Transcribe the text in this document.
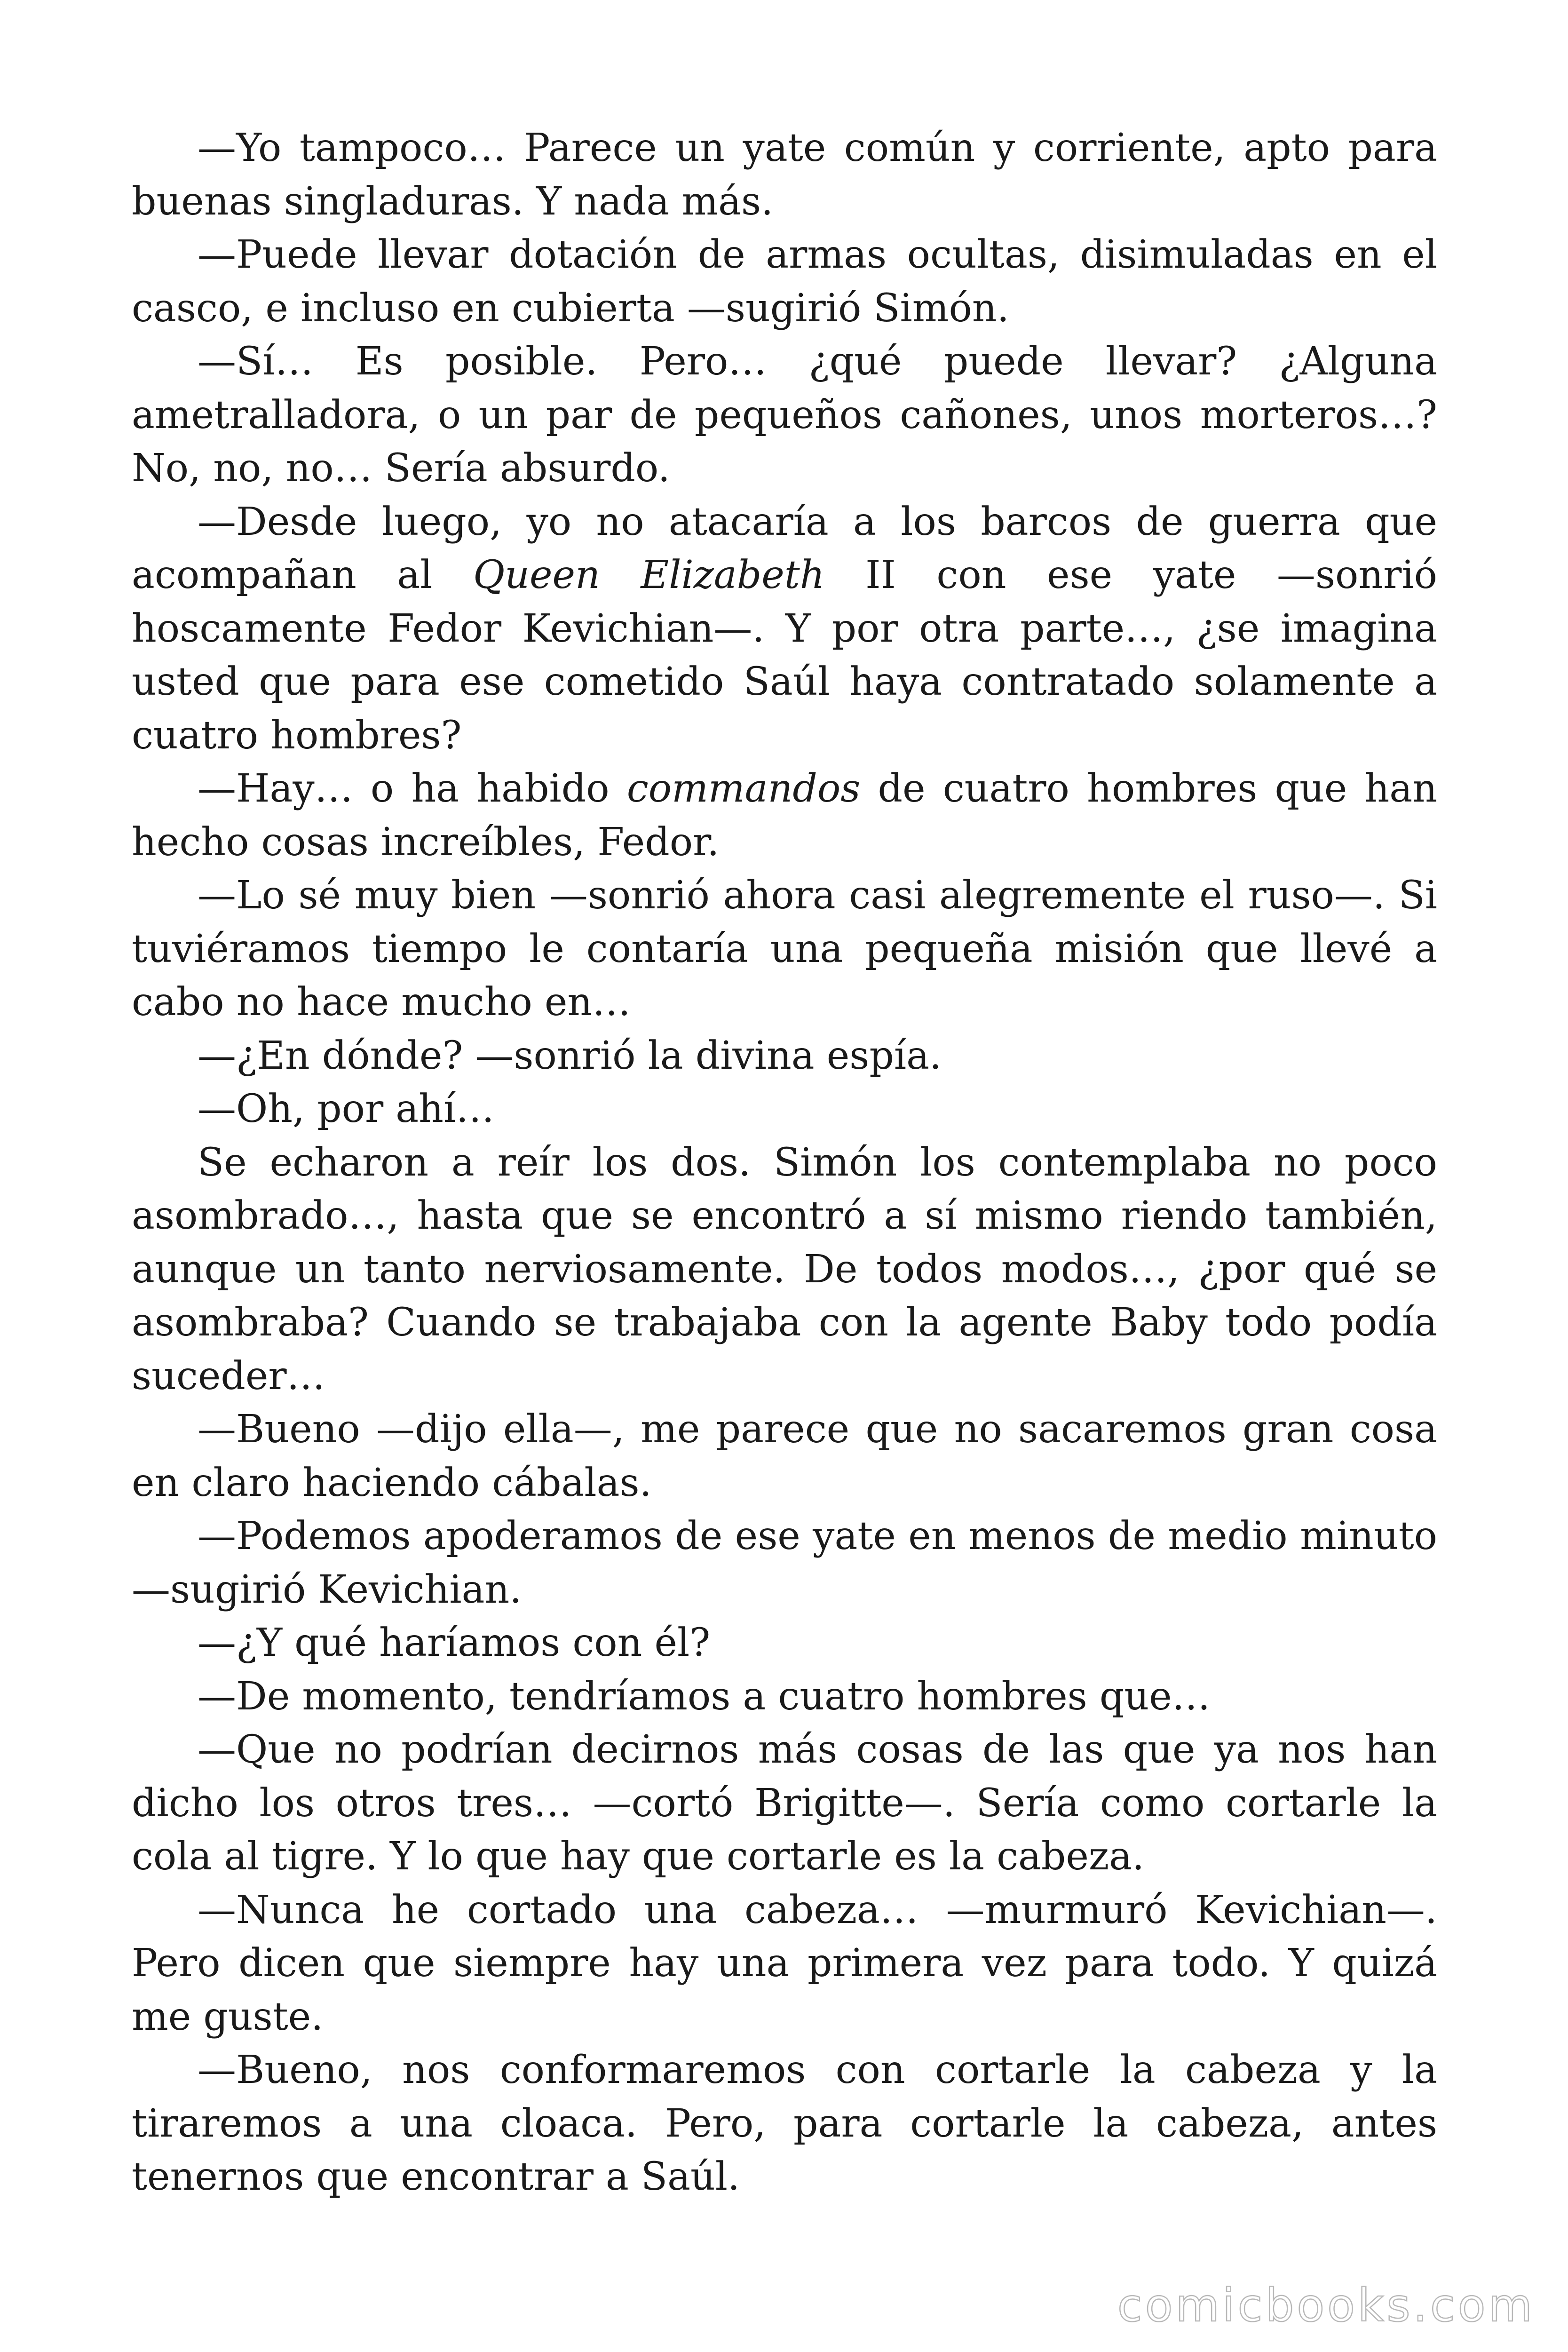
—Yo tampoco… Parece un yate común y corriente, apto para buenas singladuras. Y nada más.

—Puede llevar dotación de armas ocultas, disimuladas en el casco, e incluso en cubierta —sugirió Simón.

—Sí… Es posible. Pero… ¿qué puede llevar? ¿Alguna ametralladora, o un par de pequeños cañones, unos morteros…? No, no, no… Sería absurdo.

—Desde luego, yo no atacaría a los barcos de guerra que acompañan al Queen Elizabeth II con ese yate —sonrió hoscamente Fedor Kevichian—. Y por otra parte…, ¿se imagina usted que para ese cometido Saúl haya contratado solamente a cuatro hombres?

—Hay… o ha habido commandos de cuatro hombres que han hecho cosas increíbles, Fedor.

—Lo sé muy bien —sonrió ahora casi alegremente el ruso—. Si tuviéramos tiempo le contaría una pequeña misión que llevé a cabo no hace mucho en…

—¿En dónde? —sonrió la divina espía.

—Oh, por ahí…

Se echaron a reír los dos. Simón los contemplaba no poco asombrado…, hasta que se encontró a sí mismo riendo también, aunque un tanto nerviosamente. De todos modos…, ¿por qué se asombraba? Cuando se trabajaba con la agente Baby todo podía suceder…

—Bueno —dijo ella—, me parece que no sacaremos gran cosa en claro haciendo cábalas.

—Podemos apoderamos de ese yate en menos de medio minuto —sugirió Kevichian.

—¿Y qué haríamos con él?

—De momento, tendríamos a cuatro hombres que…

—Que no podrían decirnos más cosas de las que ya nos han dicho los otros tres… —cortó Brigitte—. Sería como cortarle la cola al tigre. Y lo que hay que cortarle es la cabeza.

—Nunca he cortado una cabeza… —murmuró Kevichian—. Pero dicen que siempre hay una primera vez para todo. Y quizá me guste.

—Bueno, nos conformaremos con cortarle la cabeza y la tiraremos a una cloaca. Pero, para cortarle la cabeza, antes tenernos que encontrar a Saúl.

comicbooks.com
